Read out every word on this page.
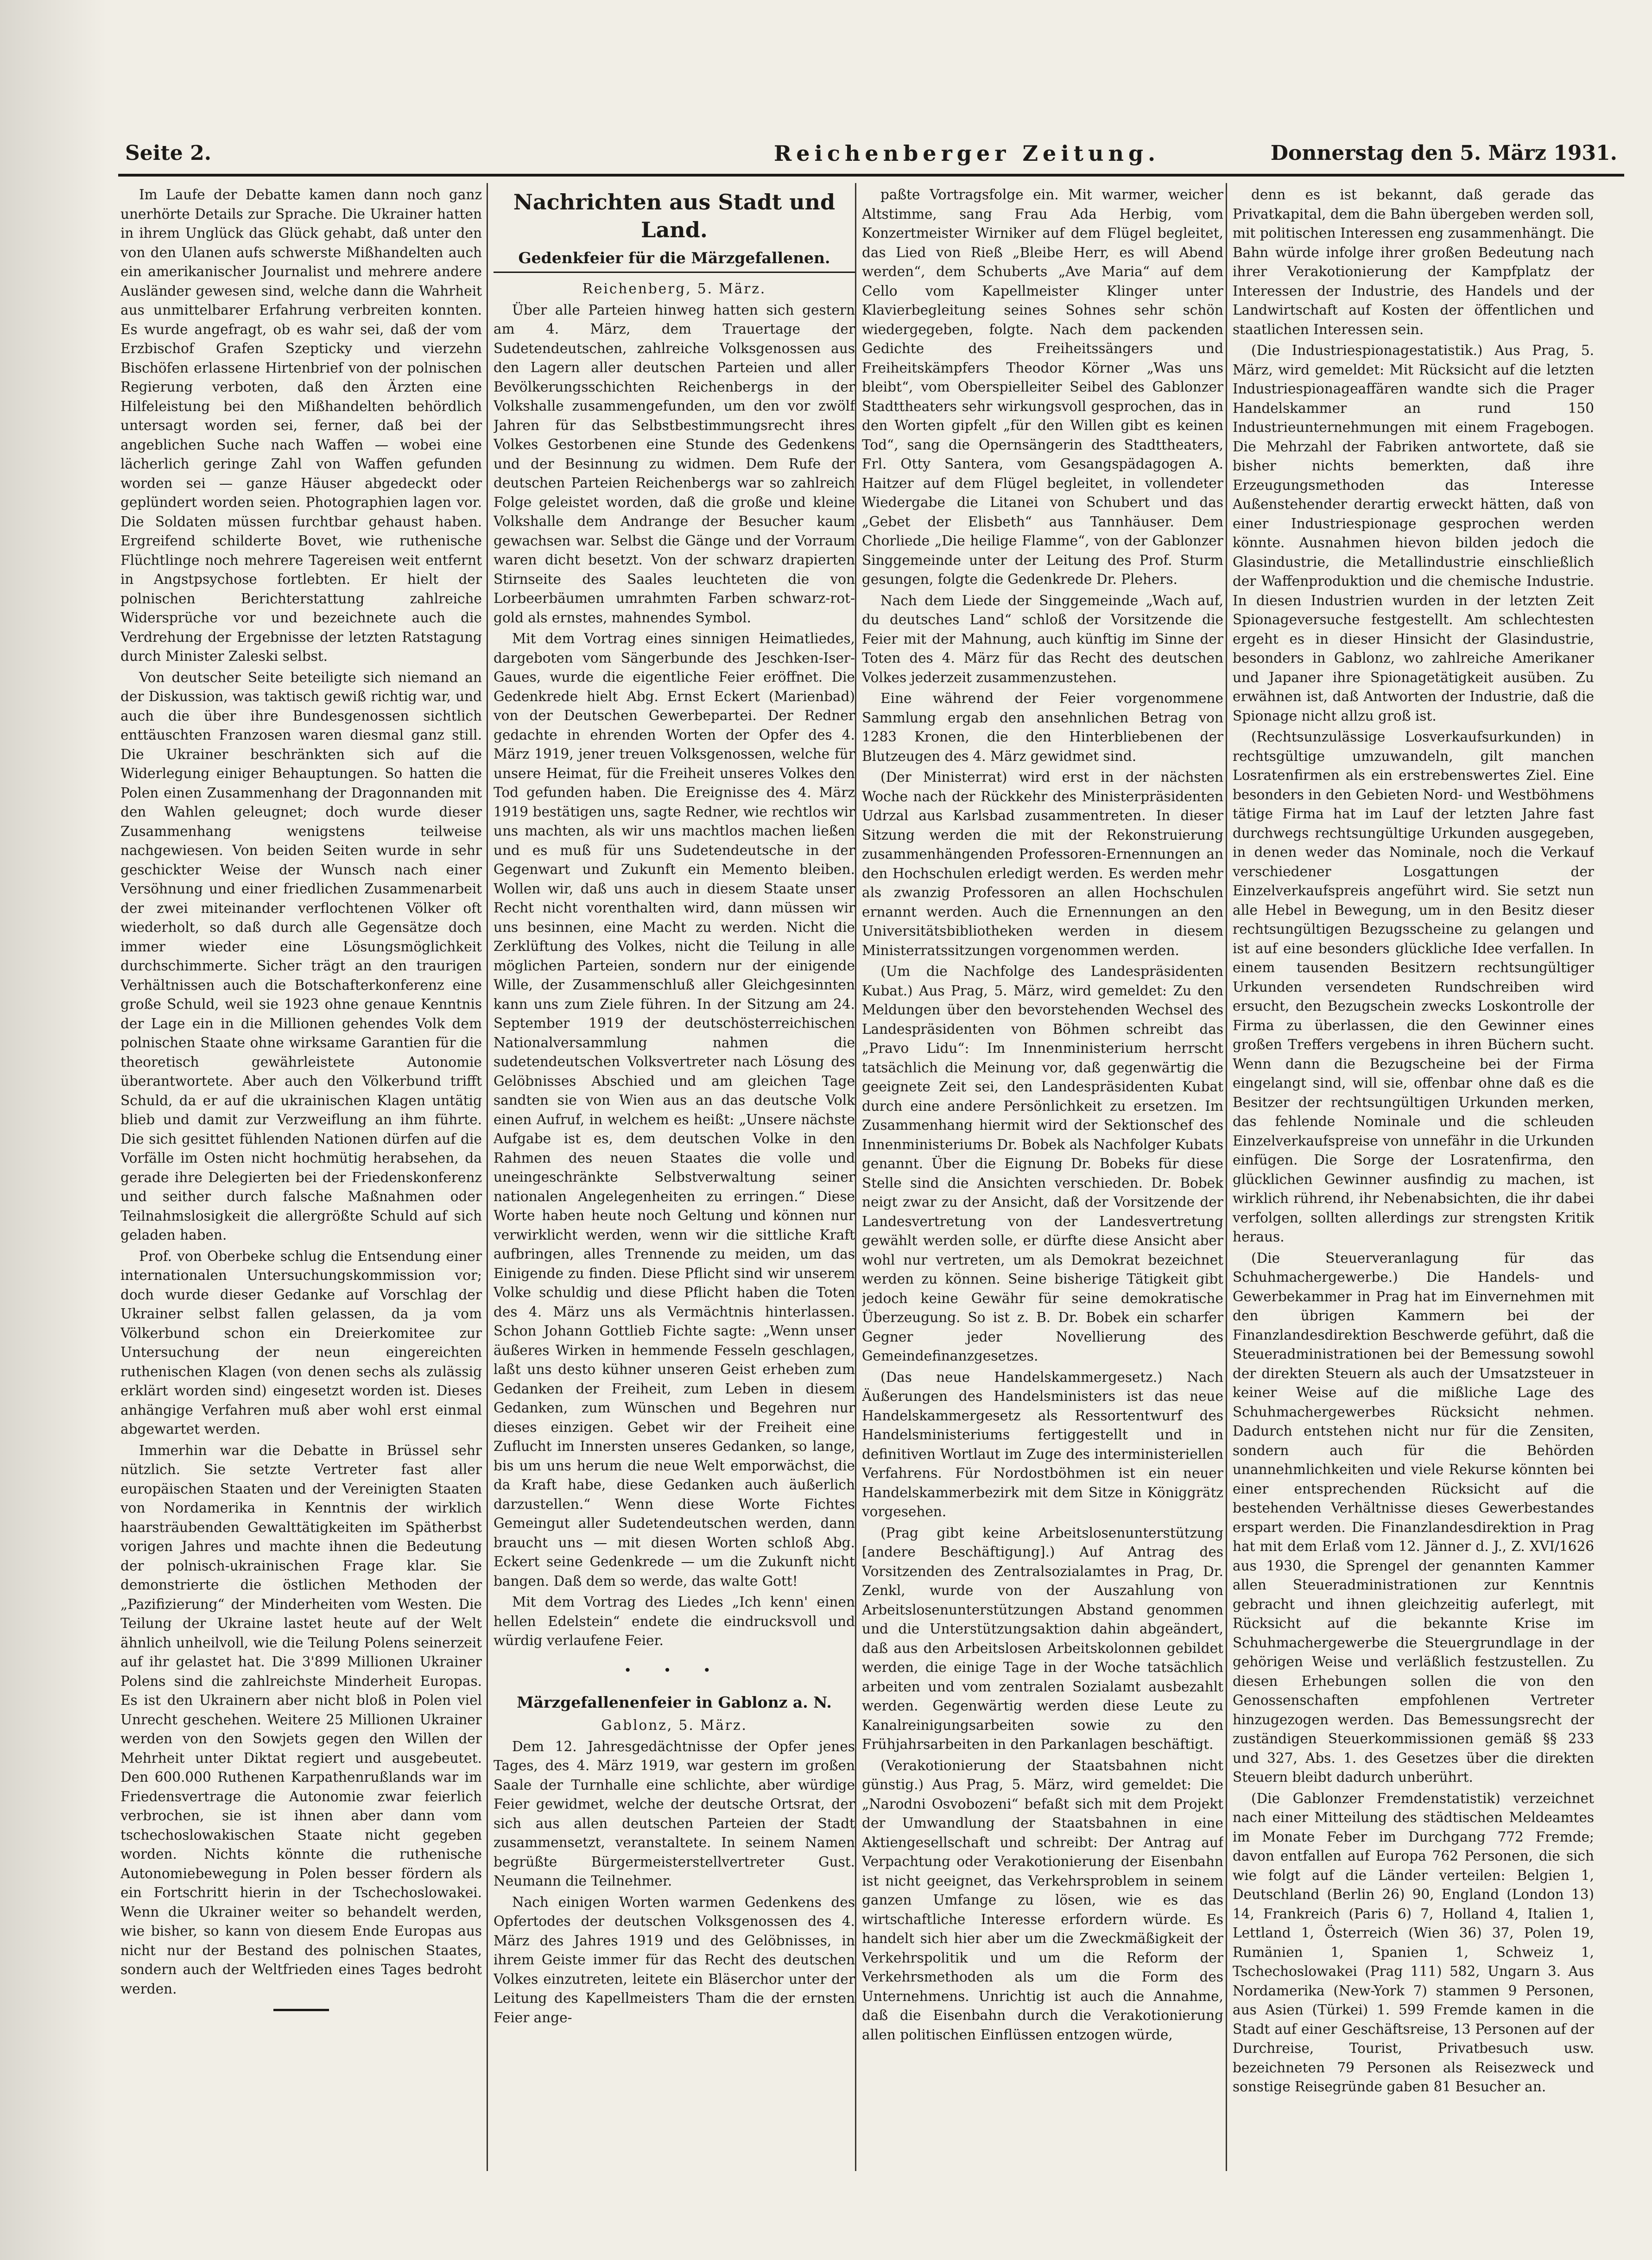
Seite 2.	Reichenberger Zeitung.	Donnerstag den 5. März 1931.

Im Laufe der Debatte kamen dann noch ganz unerhörte Details zur Sprache. Die Ukrainer hatten in ihrem Unglück das Glück gehabt, daß unter den von den Ulanen aufs schwerste Mißhandelten auch ein amerikanischer Journalist und mehrere andere Ausländer gewesen sind, welche dann die Wahrheit aus unmittelbarer Erfahrung verbreiten konnten. Es wurde angefragt, ob es wahr sei, daß der vom Erzbischof Grafen Szepticky und vierzehn Bischöfen erlassene Hirtenbrief von der polnischen Regierung verboten, daß den Ärzten eine Hilfeleistung bei den Mißhandelten behördlich untersagt worden sei, ferner, daß bei der angeblichen Suche nach Waffen — wobei eine lächerlich geringe Zahl von Waffen gefunden worden sei — ganze Häuser abgedeckt oder geplündert worden seien. Photographien lagen vor. Die Soldaten müssen furchtbar gehaust haben. Ergreifend schilderte Bovet, wie ruthenische Flüchtlinge noch mehrere Tagereisen weit entfernt in Angstpsychose fortlebten. Er hielt der polnischen Berichterstattung zahlreiche Widersprüche vor und bezeichnete auch die Verdrehung der Ergebnisse der letzten Ratstagung durch Minister Zaleski selbst.

Von deutscher Seite beteiligte sich niemand an der Diskussion, was taktisch gewiß richtig war, und auch die über ihre Bundesgenossen sichtlich enttäuschten Franzosen waren diesmal ganz still. Die Ukrainer beschränkten sich auf die Widerlegung einiger Behauptungen. So hatten die Polen einen Zusammenhang der Dragonnanden mit den Wahlen geleugnet; doch wurde dieser Zusammenhang wenigstens teilweise nachgewiesen. Von beiden Seiten wurde in sehr geschickter Weise der Wunsch nach einer Versöhnung und einer friedlichen Zusammenarbeit der zwei miteinander verflochtenen Völker oft wiederholt, so daß durch alle Gegensätze doch immer wieder eine Lösungsmöglichkeit durchschimmerte. Sicher trägt an den traurigen Verhältnissen auch die Botschafterkonferenz eine große Schuld, weil sie 1923 ohne genaue Kenntnis der Lage ein in die Millionen gehendes Volk dem polnischen Staate ohne wirksame Garantien für die theoretisch gewährleistete Autonomie überantwortete. Aber auch den Völkerbund trifft Schuld, da er auf die ukrainischen Klagen untätig blieb und damit zur Verzweiflung an ihm führte. Die sich gesittet fühlenden Nationen dürfen auf die Vorfälle im Osten nicht hochmütig herabsehen, da gerade ihre Delegierten bei der Friedenskonferenz und seither durch falsche Maßnahmen oder Teilnahmslosigkeit die allergrößte Schuld auf sich geladen haben.

Prof. von Oberbeke schlug die Entsendung einer internationalen Untersuchungskommission vor; doch wurde dieser Gedanke auf Vorschlag der Ukrainer selbst fallen gelassen, da ja vom Völkerbund schon ein Dreierkomitee zur Untersuchung der neun eingereichten ruthenischen Klagen (von denen sechs als zulässig erklärt worden sind) eingesetzt worden ist. Dieses anhängige Verfahren muß aber wohl erst einmal abgewartet werden.

Immerhin war die Debatte in Brüssel sehr nützlich. Sie setzte Vertreter fast aller europäischen Staaten und der Vereinigten Staaten von Nordamerika in Kenntnis der wirklich haarsträubenden Gewalttätigkeiten im Spätherbst vorigen Jahres und machte ihnen die Bedeutung der polnisch-ukrainischen Frage klar. Sie demonstrierte die östlichen Methoden der „Pazifizierung“ der Minderheiten vom Westen. Die Teilung der Ukraine lastet heute auf der Welt ähnlich unheilvoll, wie die Teilung Polens seinerzeit auf ihr gelastet hat. Die 3'899 Millionen Ukrainer Polens sind die zahlreichste Minderheit Europas. Es ist den Ukrainern aber nicht bloß in Polen viel Unrecht geschehen. Weitere 25 Millionen Ukrainer werden von den Sowjets gegen den Willen der Mehrheit unter Diktat regiert und ausgebeutet. Den 600.000 Ruthenen Karpathenrußlands war im Friedensvertrage die Autonomie zwar feierlich verbrochen, sie ist ihnen aber dann vom tschechoslowakischen Staate nicht gegeben worden. Nichts könnte die ruthenische Autonomiebewegung in Polen besser fördern als ein Fortschritt hierin in der Tschechoslowakei. Wenn die Ukrainer weiter so behandelt werden, wie bisher, so kann von diesem Ende Europas aus nicht nur der Bestand des polnischen Staates, sondern auch der Weltfrieden eines Tages bedroht werden.

Nachrichten aus Stadt und Land.
Gedenkfeier für die Märzgefallenen.
Reichenberg, 5. März.

Über alle Parteien hinweg hatten sich gestern am 4. März, dem Trauertage der Sudetendeutschen, zahlreiche Volksgenossen aus den Lagern aller deutschen Parteien und aller Bevölkerungsschichten Reichenbergs in der Volkshalle zusammengefunden, um den vor zwölf Jahren für das Selbstbestimmungsrecht ihres Volkes Gestorbenen eine Stunde des Gedenkens und der Besinnung zu widmen. Dem Rufe der deutschen Parteien Reichenbergs war so zahlreich Folge geleistet worden, daß die große und kleine Volkshalle dem Andrange der Besucher kaum gewachsen war. Selbst die Gänge und der Vorraum waren dicht besetzt. Von der schwarz drapierten Stirnseite des Saales leuchteten die von Lorbeerbäumen umrahmten Farben schwarz-rot-gold als ernstes, mahnendes Symbol.

Mit dem Vortrag eines sinnigen Heimatliedes, dargeboten vom Sängerbunde des Jeschken-Iser-Gaues, wurde die eigentliche Feier eröffnet. Die Gedenkrede hielt Abg. Ernst Eckert (Marienbad) von der Deutschen Gewerbepartei. Der Redner gedachte in ehrenden Worten der Opfer des 4. März 1919, jener treuen Volksgenossen, welche für unsere Heimat, für die Freiheit unseres Volkes den Tod gefunden haben. Die Ereignisse des 4. März 1919 bestätigen uns, sagte Redner, wie rechtlos wir uns machten, als wir uns machtlos machen ließen und es muß für uns Sudetendeutsche in der Gegenwart und Zukunft ein Memento bleiben. Wollen wir, daß uns auch in diesem Staate unser Recht nicht vorenthalten wird, dann müssen wir uns besinnen, eine Macht zu werden. Nicht die Zerklüftung des Volkes, nicht die Teilung in alle möglichen Parteien, sondern nur der einigende Wille, der Zusammenschluß aller Gleichgesinnten kann uns zum Ziele führen. In der Sitzung am 24. September 1919 der deutschösterreichischen Nationalversammlung nahmen die sudetendeutschen Volksvertreter nach Lösung des Gelöbnisses Abschied und am gleichen Tage sandten sie von Wien aus an das deutsche Volk einen Aufruf, in welchem es heißt: „Unsere nächste Aufgabe ist es, dem deutschen Volke in den Rahmen des neuen Staates die volle und uneingeschränkte Selbstverwaltung seiner nationalen Angelegenheiten zu erringen.“ Diese Worte haben heute noch Geltung und können nur verwirklicht werden, wenn wir die sittliche Kraft aufbringen, alles Trennende zu meiden, um das Einigende zu finden. Diese Pflicht sind wir unserem Volke schuldig und diese Pflicht haben die Toten des 4. März uns als Vermächtnis hinterlassen. Schon Johann Gottlieb Fichte sagte: „Wenn unser äußeres Wirken in hemmende Fesseln geschlagen, laßt uns desto kühner unseren Geist erheben zum Gedanken der Freiheit, zum Leben in diesem Gedanken, zum Wünschen und Begehren nur dieses einzigen. Gebet wir der Freiheit eine Zuflucht im Innersten unseres Gedanken, so lange, bis um uns herum die neue Welt emporwächst, die da Kraft habe, diese Gedanken auch äußerlich darzustellen.“ Wenn diese Worte Fichtes Gemeingut aller Sudetendeutschen werden, dann braucht uns — mit diesen Worten schloß Abg. Eckert seine Gedenkrede — um die Zukunft nicht bangen. Daß dem so werde, das walte Gott!

Mit dem Vortrag des Liedes „Ich kenn' einen hellen Edelstein“ endete die eindrucksvoll und würdig verlaufene Feier.

• • •
Märzgefallenenfeier in Gablonz a. N.
Gablonz, 5. März.

Dem 12. Jahresgedächtnisse der Opfer jenes Tages, des 4. März 1919, war gestern im großen Saale der Turnhalle eine schlichte, aber würdige Feier gewidmet, welche der deutsche Ortsrat, der sich aus allen deutschen Parteien der Stadt zusammensetzt, veranstaltete. In seinem Namen begrüßte Bürgermeisterstellvertreter Gust. Neumann die Teilnehmer.

Nach einigen Worten warmen Gedenkens des Opfertodes der deutschen Volksgenossen des 4. März des Jahres 1919 und des Gelöbnisses, in ihrem Geiste immer für das Recht des deutschen Volkes einzutreten, leitete ein Bläserchor unter der Leitung des Kapellmeisters Tham die der ernsten Feier ange-

paßte Vortragsfolge ein. Mit warmer, weicher Altstimme, sang Frau Ada Herbig, vom Konzertmeister Wirniker auf dem Flügel begleitet, das Lied von Rieß „Bleibe Herr, es will Abend werden“, dem Schuberts „Ave Maria“ auf dem Cello vom Kapellmeister Klinger unter Klavierbegleitung seines Sohnes sehr schön wiedergegeben, folgte. Nach dem packenden Gedichte des Freiheitssängers und Freiheitskämpfers Theodor Körner „Was uns bleibt“, vom Oberspielleiter Seibel des Gablonzer Stadttheaters sehr wirkungsvoll gesprochen, das in den Worten gipfelt „für den Willen gibt es keinen Tod“, sang die Opernsängerin des Stadttheaters, Frl. Otty Santera, vom Gesangspädagogen A. Haitzer auf dem Flügel begleitet, in vollendeter Wiedergabe die Litanei von Schubert und das „Gebet der Elisbeth“ aus Tannhäuser. Dem Chorliede „Die heilige Flamme“, von der Gablonzer Singgemeinde unter der Leitung des Prof. Sturm gesungen, folgte die Gedenkrede Dr. Plehers.

Nach dem Liede der Singgemeinde „Wach auf, du deutsches Land“ schloß der Vorsitzende die Feier mit der Mahnung, auch künftig im Sinne der Toten des 4. März für das Recht des deutschen Volkes jederzeit zusammenzustehen.

Eine während der Feier vorgenommene Sammlung ergab den ansehnlichen Betrag von 1283 Kronen, die den Hinterbliebenen der Blutzeugen des 4. März gewidmet sind.

(Der Ministerrat) wird erst in der nächsten Woche nach der Rückkehr des Ministerpräsidenten Udrzal aus Karlsbad zusammentreten. In dieser Sitzung werden die mit der Rekonstruierung zusammenhängenden Professoren-Ernennungen an den Hochschulen erledigt werden. Es werden mehr als zwanzig Professoren an allen Hochschulen ernannt werden. Auch die Ernennungen an den Universitätsbibliotheken werden in diesem Ministerratssitzungen vorgenommen werden.

(Um die Nachfolge des Landespräsidenten Kubat.) Aus Prag, 5. März, wird gemeldet: Zu den Meldungen über den bevorstehenden Wechsel des Landespräsidenten von Böhmen schreibt das „Pravo Lidu“: Im Innenministerium herrscht tatsächlich die Meinung vor, daß gegenwärtig die geeignete Zeit sei, den Landespräsidenten Kubat durch eine andere Persönlichkeit zu ersetzen. Im Zusammenhang hiermit wird der Sektionschef des Innenministeriums Dr. Bobek als Nachfolger Kubats genannt. Über die Eignung Dr. Bobeks für diese Stelle sind die Ansichten verschieden. Dr. Bobek neigt zwar zu der Ansicht, daß der Vorsitzende der Landesvertretung von der Landesvertretung gewählt werden solle, er dürfte diese Ansicht aber wohl nur vertreten, um als Demokrat bezeichnet werden zu können. Seine bisherige Tätigkeit gibt jedoch keine Gewähr für seine demokratische Überzeugung. So ist z. B. Dr. Bobek ein scharfer Gegner jeder Novellierung des Gemeindefinanzgesetzes.

(Das neue Handelskammergesetz.) Nach Äußerungen des Handelsministers ist das neue Handelskammergesetz als Ressortentwurf des Handelsministeriums fertiggestellt und in definitiven Wortlaut im Zuge des interministeriellen Verfahrens. Für Nordostböhmen ist ein neuer Handelskammerbezirk mit dem Sitze in Königgrätz vorgesehen.

(Prag gibt keine Arbeitslosenunterstützung [andere Beschäftigung].) Auf Antrag des Vorsitzenden des Zentralsozialamtes in Prag, Dr. Zenkl, wurde von der Auszahlung von Arbeitslosenunterstützungen Abstand genommen und die Unterstützungsaktion dahin abgeändert, daß aus den Arbeitslosen Arbeitskolonnen gebildet werden, die einige Tage in der Woche tatsächlich arbeiten und vom zentralen Sozialamt ausbezahlt werden. Gegenwärtig werden diese Leute zu Kanalreinigungsarbeiten sowie zu den Frühjahrsarbeiten in den Parkanlagen beschäftigt.

(Verakotionierung der Staatsbahnen nicht günstig.) Aus Prag, 5. März, wird gemeldet: Die „Narodni Osvobozeni“ befaßt sich mit dem Projekt der Umwandlung der Staatsbahnen in eine Aktiengesellschaft und schreibt: Der Antrag auf Verpachtung oder Verakotionierung der Eisenbahn ist nicht geeignet, das Verkehrsproblem in seinem ganzen Umfange zu lösen, wie es das wirtschaftliche Interesse erfordern würde. Es handelt sich hier aber um die Zweckmäßigkeit der Verkehrspolitik und um die Reform der Verkehrsmethoden als um die Form des Unternehmens. Unrichtig ist auch die Annahme, daß die Eisenbahn durch die Verakotionierung allen politischen Einflüssen entzogen würde,

denn es ist bekannt, daß gerade das Privatkapital, dem die Bahn übergeben werden soll, mit politischen Interessen eng zusammenhängt. Die Bahn würde infolge ihrer großen Bedeutung nach ihrer Verakotionierung der Kampfplatz der Interessen der Industrie, des Handels und der Landwirtschaft auf Kosten der öffentlichen und staatlichen Interessen sein.

(Die Industriespionagestatistik.) Aus Prag, 5. März, wird gemeldet: Mit Rücksicht auf die letzten Industriespionageaffären wandte sich die Prager Handelskammer an rund 150 Industrieunternehmungen mit einem Fragebogen. Die Mehrzahl der Fabriken antwortete, daß sie bisher nichts bemerkten, daß ihre Erzeugungsmethoden das Interesse Außenstehender derartig erweckt hätten, daß von einer Industriespionage gesprochen werden könnte. Ausnahmen hievon bilden jedoch die Glasindustrie, die Metallindustrie einschließlich der Waffenproduktion und die chemische Industrie. In diesen Industrien wurden in der letzten Zeit Spionageversuche festgestellt. Am schlechtesten ergeht es in dieser Hinsicht der Glasindustrie, besonders in Gablonz, wo zahlreiche Amerikaner und Japaner ihre Spionagetätigkeit ausüben. Zu erwähnen ist, daß Antworten der Industrie, daß die Spionage nicht allzu groß ist.

(Rechtsunzulässige Losverkaufsurkunden) in rechtsgültige umzuwandeln, gilt manchen Losratenfirmen als ein erstrebenswertes Ziel. Eine besonders in den Gebieten Nord- und Westböhmens tätige Firma hat im Lauf der letzten Jahre fast durchwegs rechtsungültige Urkunden ausgegeben, in denen weder das Nominale, noch die Verkauf verschiedener Losgattungen der Einzelverkaufspreis angeführt wird. Sie setzt nun alle Hebel in Bewegung, um in den Besitz dieser rechtsungültigen Bezugsscheine zu gelangen und ist auf eine besonders glückliche Idee verfallen. In einem tausenden Besitzern rechtsungültiger Urkunden versendeten Rundschreiben wird ersucht, den Bezugschein zwecks Loskontrolle der Firma zu überlassen, die den Gewinner eines großen Treffers vergebens in ihren Büchern sucht. Wenn dann die Bezugscheine bei der Firma eingelangt sind, will sie, offenbar ohne daß es die Besitzer der rechtsungültigen Urkunden merken, das fehlende Nominale und die schleuden Einzelverkaufspreise von unnefähr in die Urkunden einfügen. Die Sorge der Losratenfirma, den glücklichen Gewinner ausfindig zu machen, ist wirklich rührend, ihr Nebenabsichten, die ihr dabei verfolgen, sollten allerdings zur strengsten Kritik heraus.

(Die Steuerveranlagung für das Schuhmachergewerbe.) Die Handels- und Gewerbekammer in Prag hat im Einvernehmen mit den übrigen Kammern bei der Finanzlandesdirektion Beschwerde geführt, daß die Steueradministrationen bei der Bemessung sowohl der direkten Steuern als auch der Umsatzsteuer in keiner Weise auf die mißliche Lage des Schuhmachergewerbes Rücksicht nehmen. Dadurch entstehen nicht nur für die Zensiten, sondern auch für die Behörden unannehmlichkeiten und viele Rekurse könnten bei einer entsprechenden Rücksicht auf die bestehenden Verhältnisse dieses Gewerbestandes erspart werden. Die Finanzlandesdirektion in Prag hat mit dem Erlaß vom 12. Jänner d. J., Z. XVI/1626 aus 1930, die Sprengel der genannten Kammer allen Steueradministrationen zur Kenntnis gebracht und ihnen gleichzeitig auferlegt, mit Rücksicht auf die bekannte Krise im Schuhmachergewerbe die Steuergrundlage in der gehörigen Weise und verläßlich festzustellen. Zu diesen Erhebungen sollen die von den Genossenschaften empfohlenen Vertreter hinzugezogen werden. Das Bemessungsrecht der zuständigen Steuerkommissionen gemäß §§ 233 und 327, Abs. 1. des Gesetzes über die direkten Steuern bleibt dadurch unberührt.

(Die Gablonzer Fremdenstatistik) verzeichnet nach einer Mitteilung des städtischen Meldeamtes im Monate Feber im Durchgang 772 Fremde; davon entfallen auf Europa 762 Personen, die sich wie folgt auf die Länder verteilen: Belgien 1, Deutschland (Berlin 26) 90, England (London 13) 14, Frankreich (Paris 6) 7, Holland 4, Italien 1, Lettland 1, Österreich (Wien 36) 37, Polen 19, Rumänien 1, Spanien 1, Schweiz 1, Tschechoslowakei (Prag 111) 582, Ungarn 3. Aus Nordamerika (New-York 7) stammen 9 Personen, aus Asien (Türkei) 1. 599 Fremde kamen in die Stadt auf einer Geschäftsreise, 13 Personen auf der Durchreise, Tourist, Privatbesuch usw. bezeichneten 79 Personen als Reisezweck und sonstige Reisegründe gaben 81 Besucher an.
